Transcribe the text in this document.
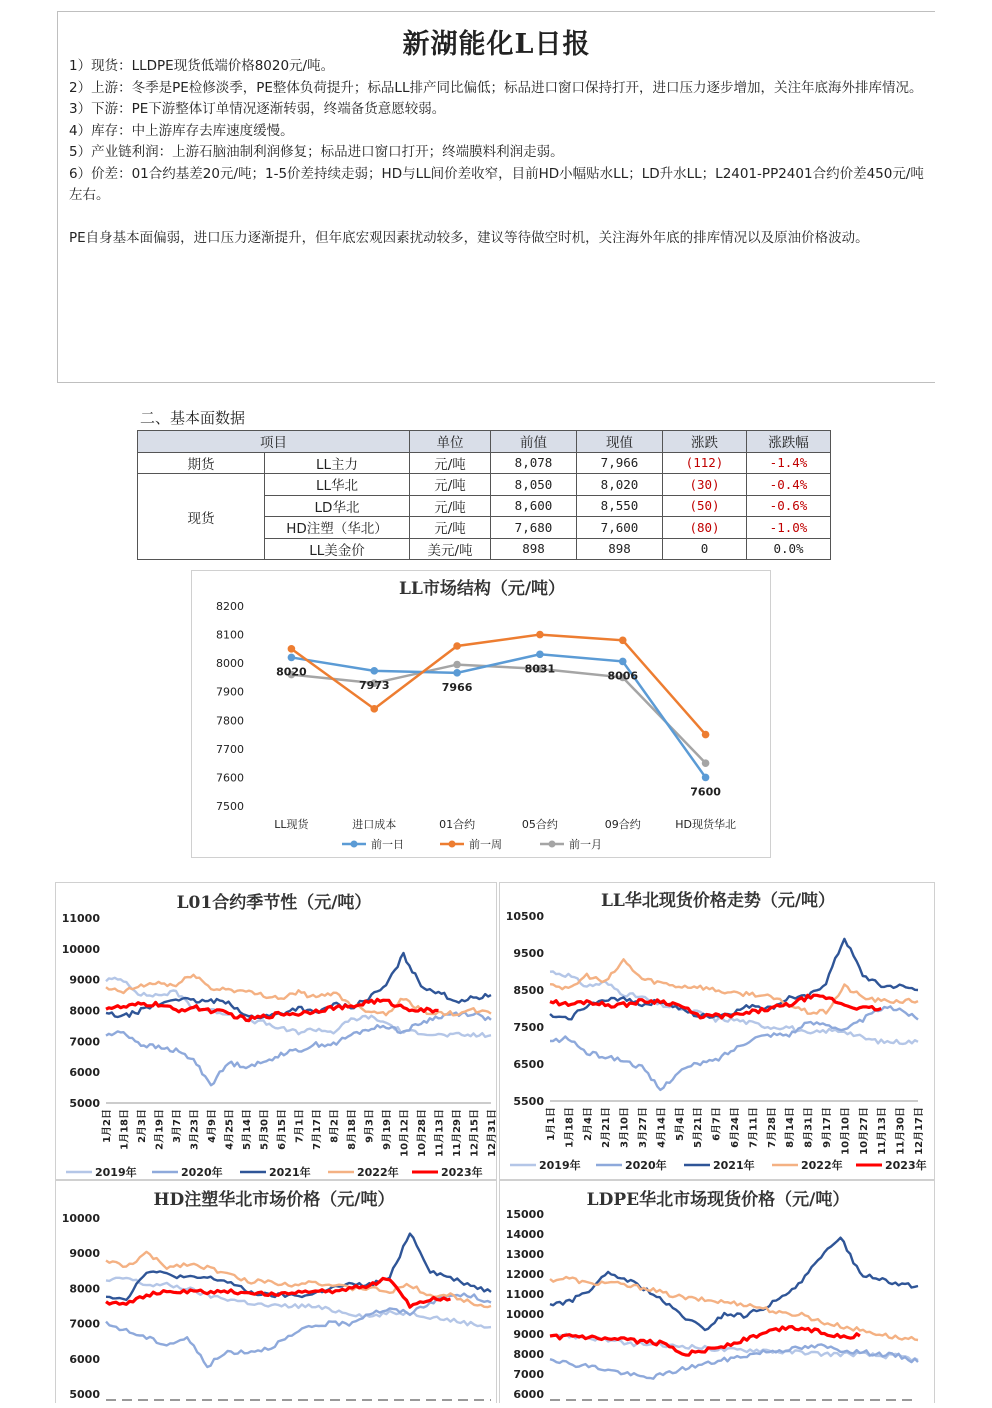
新湖能化L日报

1）现货：LLDPE现货低端价格8020元/吨。

2）上游：冬季是PE检修淡季，PE整体负荷提升；标品LL排产同比偏低；标品进口窗口保持打开，进口压力逐步增加，关注年底海外排库情况。

3）下游：PE下游整体订单情况逐渐转弱，终端备货意愿较弱。

4）库存：中上游库存去库速度缓慢。

5）产业链利润：上游石脑油制利润修复；标品进口窗口打开；终端膜料利润走弱。

6）价差：01合约基差20元/吨；1-5价差持续走弱；HD与LL间价差收窄，目前HD小幅贴水LL；LD升水LL；L2401-PP2401合约价差450元/吨左右。

PE自身基本面偏弱，进口压力逐渐提升，但年底宏观因素扰动较多，建议等待做空时机，关注海外年底的排库情况以及原油价格波动。

二、基本面数据
项目		单位	前值	现值	涨跌	涨跌幅
期货	LL主力	元/吨	8,078	7,966	(112)	-1.4%
现货	LL华北	元/吨	8,050	8,020	(30)	-0.4%
	LD华北	元/吨	8,600	8,550	(50)	-0.6%
	HD注塑（华北）	元/吨	7,680	7,600	(80)	-1.0%
	LL美金价	美元/吨	898	898	0	0.0%
LL市场结构（元/吨）
8020
7973	7966
8031
8006
7600
7500
7600
7700
7800
7900
8000
8100
8200
LL现货	进口成本	01合约	05合约	09合约	HD现货华北
前一日	前一周	前一月
L01合约季节性（元/吨）
5000
6000
7000
8000
9000
10000
11000
1月2日 1月18日 2月3日 2月19日 3月7日 3月23日 4月9日 4月25日 5月14日 5月30日 6月15日 7月1日 7月17日 8月2日 8月18日 9月3日 9月19日 10月12日 10月28日 11月13日 11月29日 12月15日 12月31日
2019年	2020年	2021年	2022年	2023年
LL华北现货价格走势（元/吨）
5500
6500
7500
8500
9500
10500
1月1日 1月18日 2月4日 2月21日 3月10日 3月27日 4月14日 5月4日 5月21日 6月7日 6月24日 7月11日 7月28日 8月14日 8月31日 9月17日 10月10日 10月27日 11月13日 11月30日 12月17日
2019年	2020年	2021年	2022年	2023年
HD注塑华北市场价格（元/吨）
5000
6000
7000
8000
9000
10000
LDPE华北市场现货价格（元/吨）
6000
7000
8000
9000
10000
11000
12000
13000
14000
15000
